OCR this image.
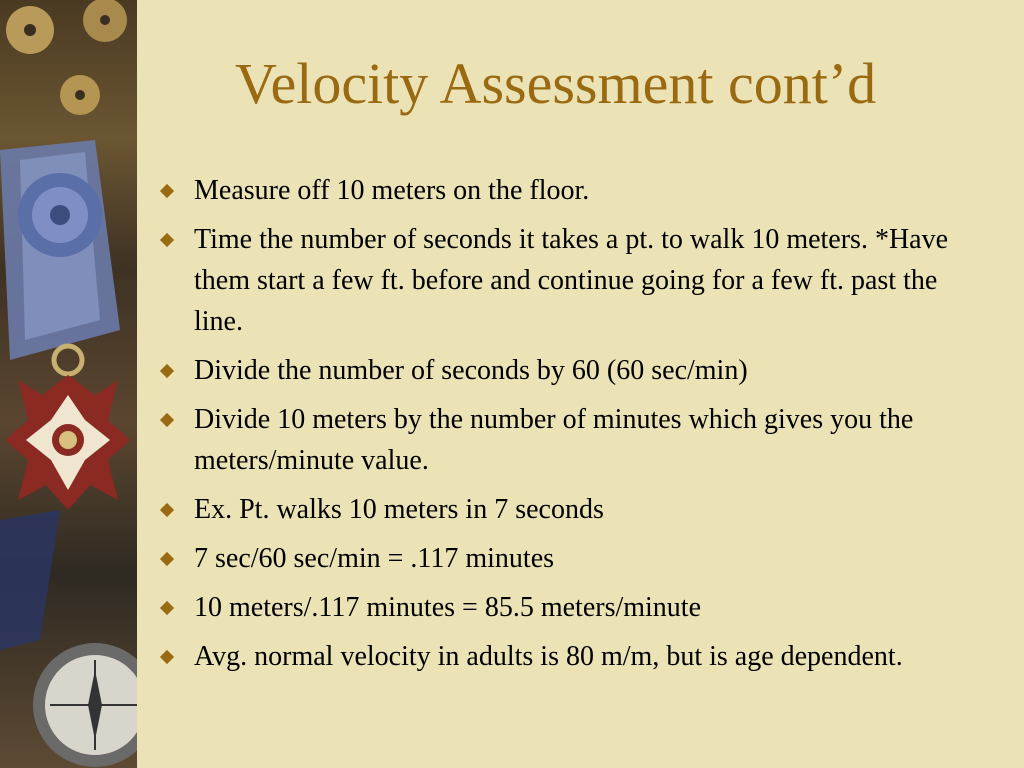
Velocity Assessment cont’d
Measure off 10 meters on the floor.
Time the number of seconds it takes a pt. to walk 10 meters. *Have them start a few ft. before and continue going for a few ft. past the line.
Divide the number of seconds by 60 (60 sec/min)
Divide 10 meters by the number of minutes which gives you the meters/minute value.
Ex. Pt. walks 10 meters in 7 seconds
7 sec/60 sec/min = .117 minutes
10 meters/.117 minutes = 85.5 meters/minute
Avg. normal velocity in adults is 80 m/m, but is age dependent.
